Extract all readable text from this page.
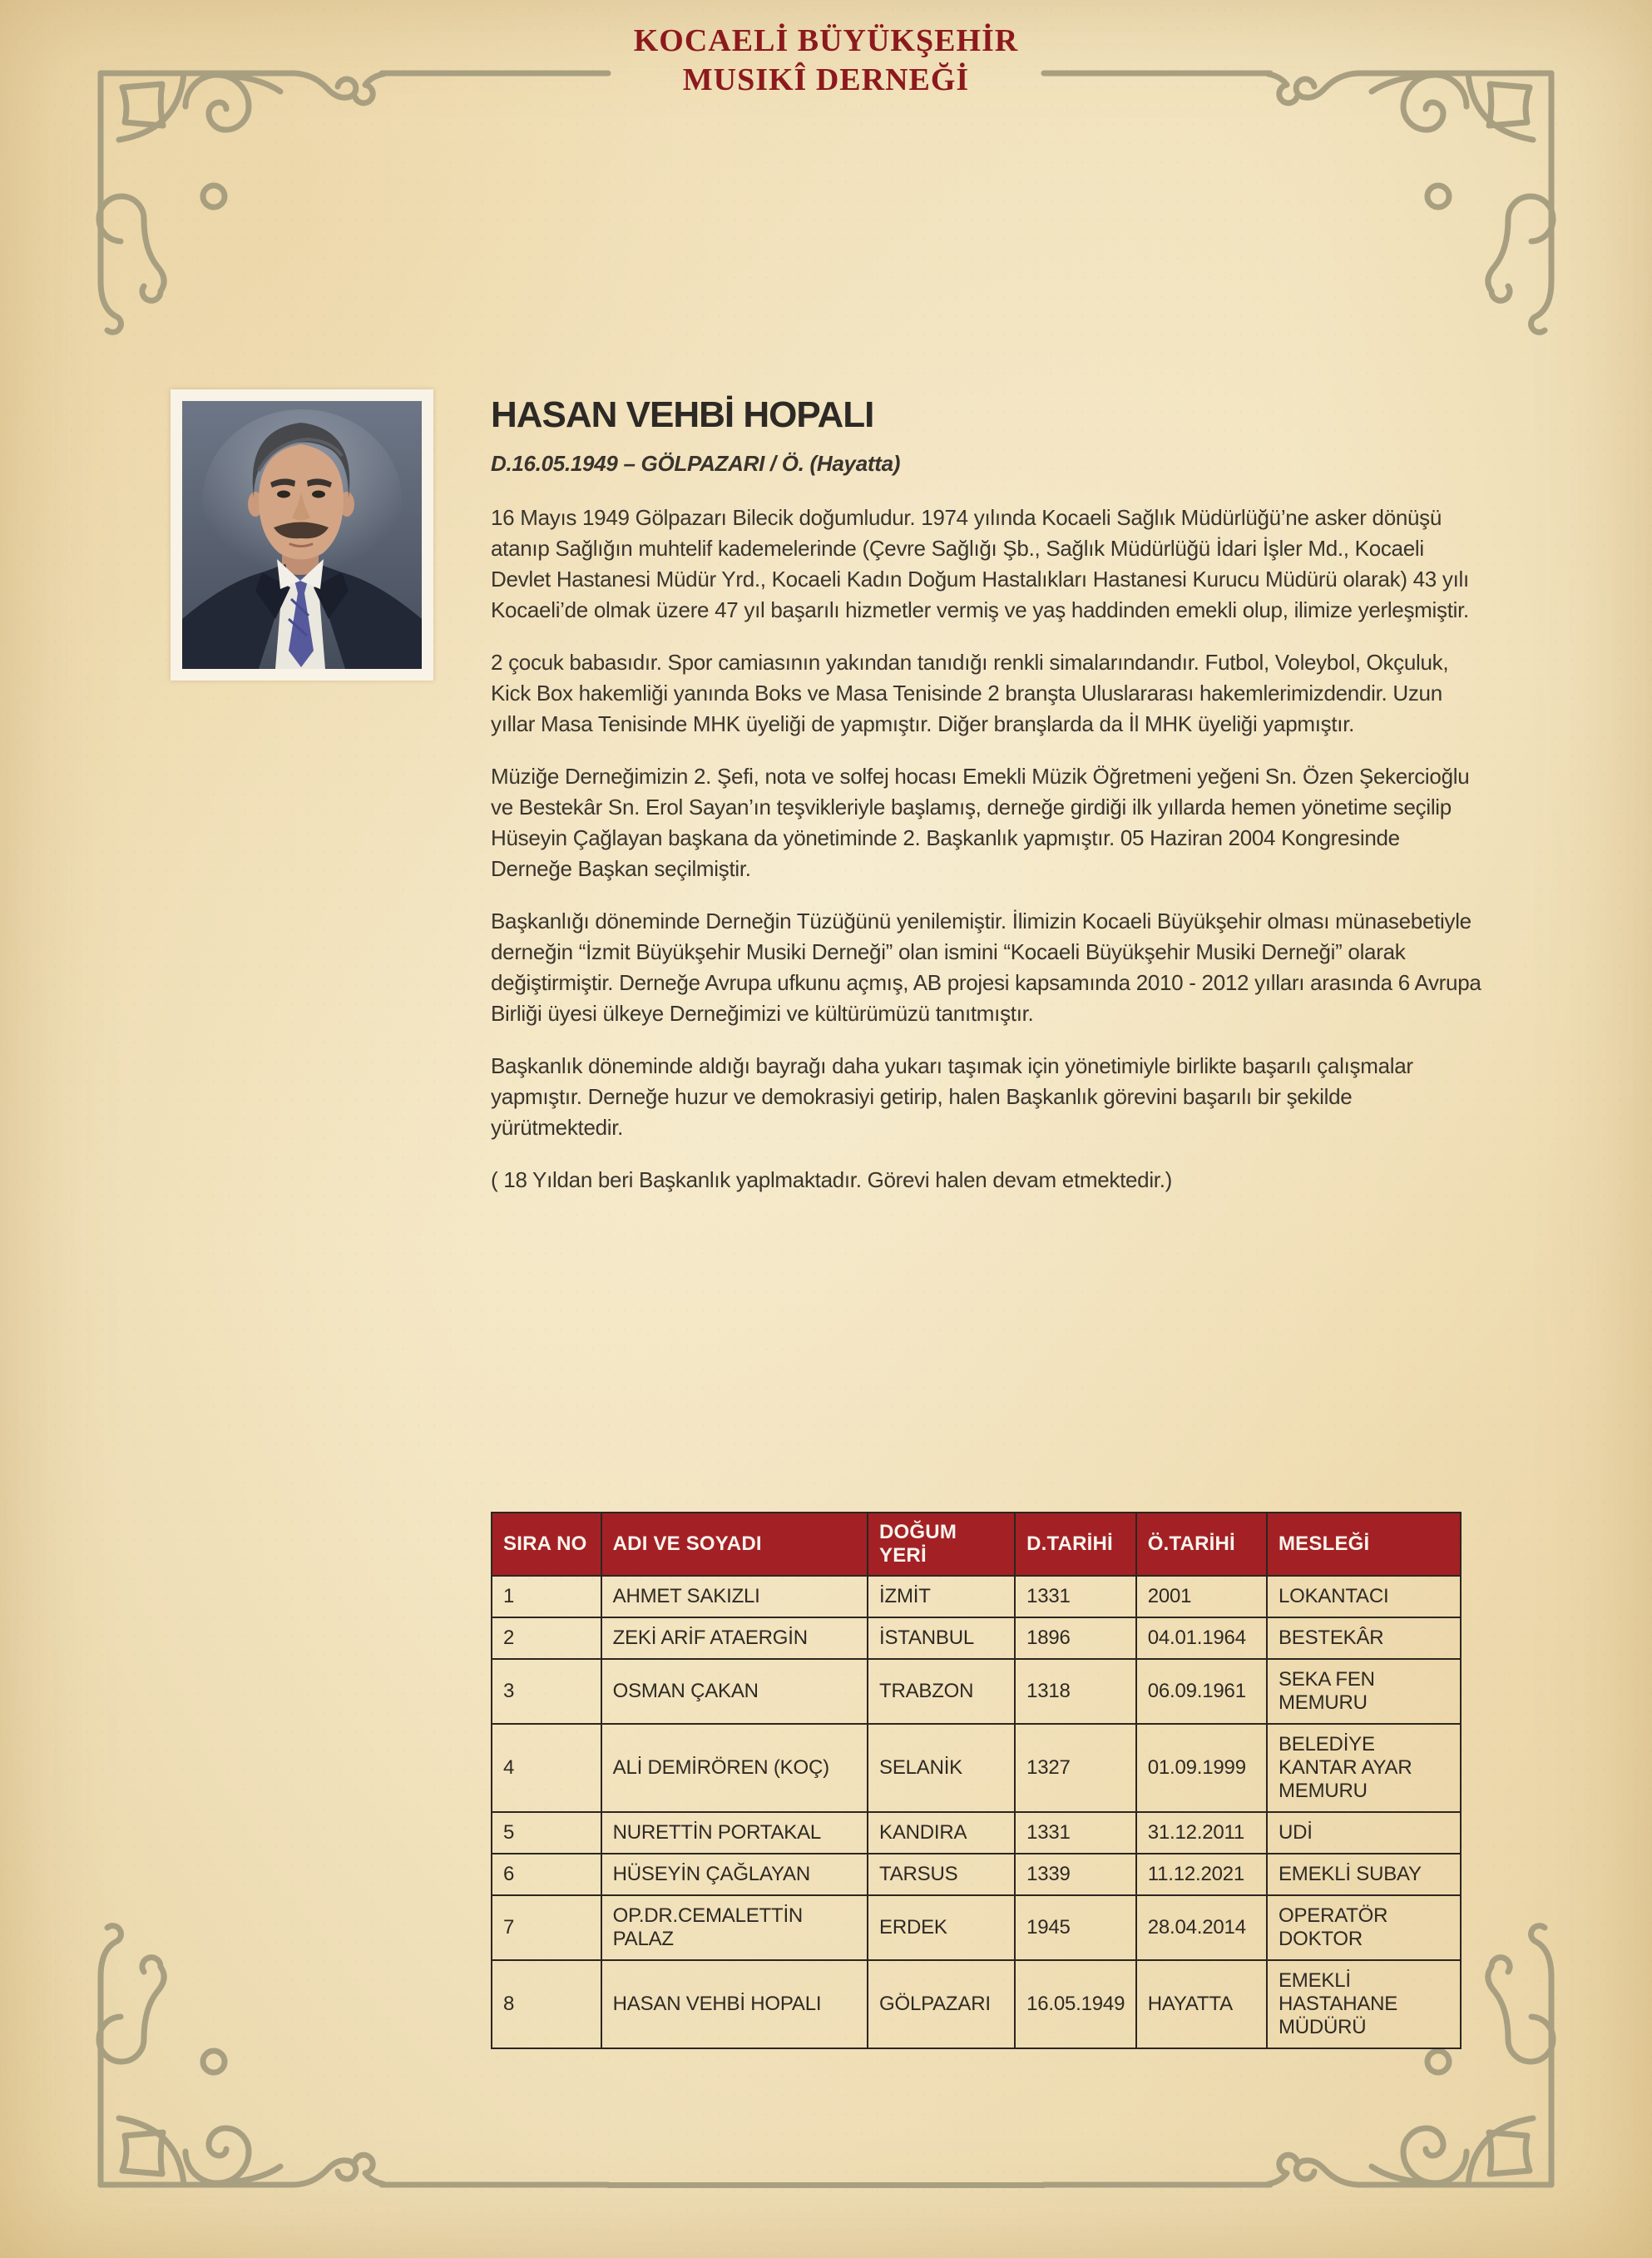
KOCAELİ BÜYÜKŞEHİR
MUSIKÎ DERNEĞİ
HASAN VEHBİ HOPALI
D.16.05.1949 – GÖLPAZARI / Ö. (Hayatta)

16 Mayıs 1949 Gölpazarı Bilecik doğumludur. 1974 yılında Kocaeli Sağlık Müdürlüğü’ne asker dönüşü atanıp Sağlığın muhtelif kademelerinde (Çevre Sağlığı Şb., Sağlık Müdürlüğü İdari İşler Md., Kocaeli Devlet Hastanesi Müdür Yrd., Kocaeli Kadın Doğum Hastalıkları Hastanesi Kurucu Müdürü olarak) 43 yılı Kocaeli’de olmak üzere 47 yıl başarılı hizmetler vermiş ve yaş haddinden emekli olup, ilimize yerleşmiştir.

2 çocuk babasıdır. Spor camiasının yakından tanıdığı renkli simalarındandır. Futbol, Voleybol, Okçuluk, Kick Box hakemliği yanında Boks ve Masa Tenisinde 2 branşta Uluslararası hakemlerimizdendir. Uzun yıllar Masa Tenisinde MHK üyeliği de yapmıştır. Diğer branşlarda da İl MHK üyeliği yapmıştır.

Müziğe Derneğimizin 2. Şefi, nota ve solfej hocası Emekli Müzik Öğretmeni yeğeni Sn. Özen Şekercioğlu ve Bestekâr Sn. Erol Sayan’ın teşvikleriyle başlamış, derneğe girdiği ilk yıllarda hemen yönetime seçilip Hüseyin Çağlayan başkana da yönetiminde 2. Başkanlık yapmıştır. 05 Haziran 2004 Kongresinde Derneğe Başkan seçilmiştir.

Başkanlığı döneminde Derneğin Tüzüğünü yenilemiştir. İlimizin Kocaeli Büyükşehir olması münasebetiyle derneğin “İzmit Büyükşehir Musiki Derneği” olan ismini “Kocaeli Büyükşehir Musiki Derneği” olarak değiştirmiştir. Derneğe Avrupa ufkunu açmış, AB projesi kapsamında 2010 - 2012 yılları arasında 6 Avrupa Birliği üyesi ülkeye Derneğimizi ve kültürümüzü tanıtmıştır.

Başkanlık döneminde aldığı bayrağı daha yukarı taşımak için yönetimiyle birlikte başarılı çalışmalar yapmıştır. Derneğe huzur ve demokrasiyi getirip, halen Başkanlık görevini başarılı bir şekilde yürütmektedir.

( 18 Yıldan beri Başkanlık yaplmaktadır. Görevi halen devam etmektedir.)

SIRA NO	ADI VE SOYADI	DOĞUM YERİ	D.TARİHİ	Ö.TARİHİ	MESLEĞİ
1	AHMET SAKIZLI	İZMİT	1331	2001	LOKANTACI
2	ZEKİ ARİF ATAERGİN	İSTANBUL	1896	04.01.1964	BESTEKÂR
3	OSMAN ÇAKAN	TRABZON	1318	06.09.1961	SEKA FEN MEMURU
4	ALİ DEMİRÖREN (KOÇ)	SELANİK	1327	01.09.1999	BELEDİYE KANTAR AYAR MEMURU
5	NURETTİN PORTAKAL	KANDIRA	1331	31.12.2011	UDİ
6	HÜSEYİN ÇAĞLAYAN	TARSUS	1339	11.12.2021	EMEKLİ SUBAY
7	OP.DR.CEMALETTİN PALAZ	ERDEK	1945	28.04.2014	OPERATÖR DOKTOR
8	HASAN VEHBİ HOPALI	GÖLPAZARI	16.05.1949	HAYATTA	EMEKLİ HASTAHANE MÜDÜRÜ
